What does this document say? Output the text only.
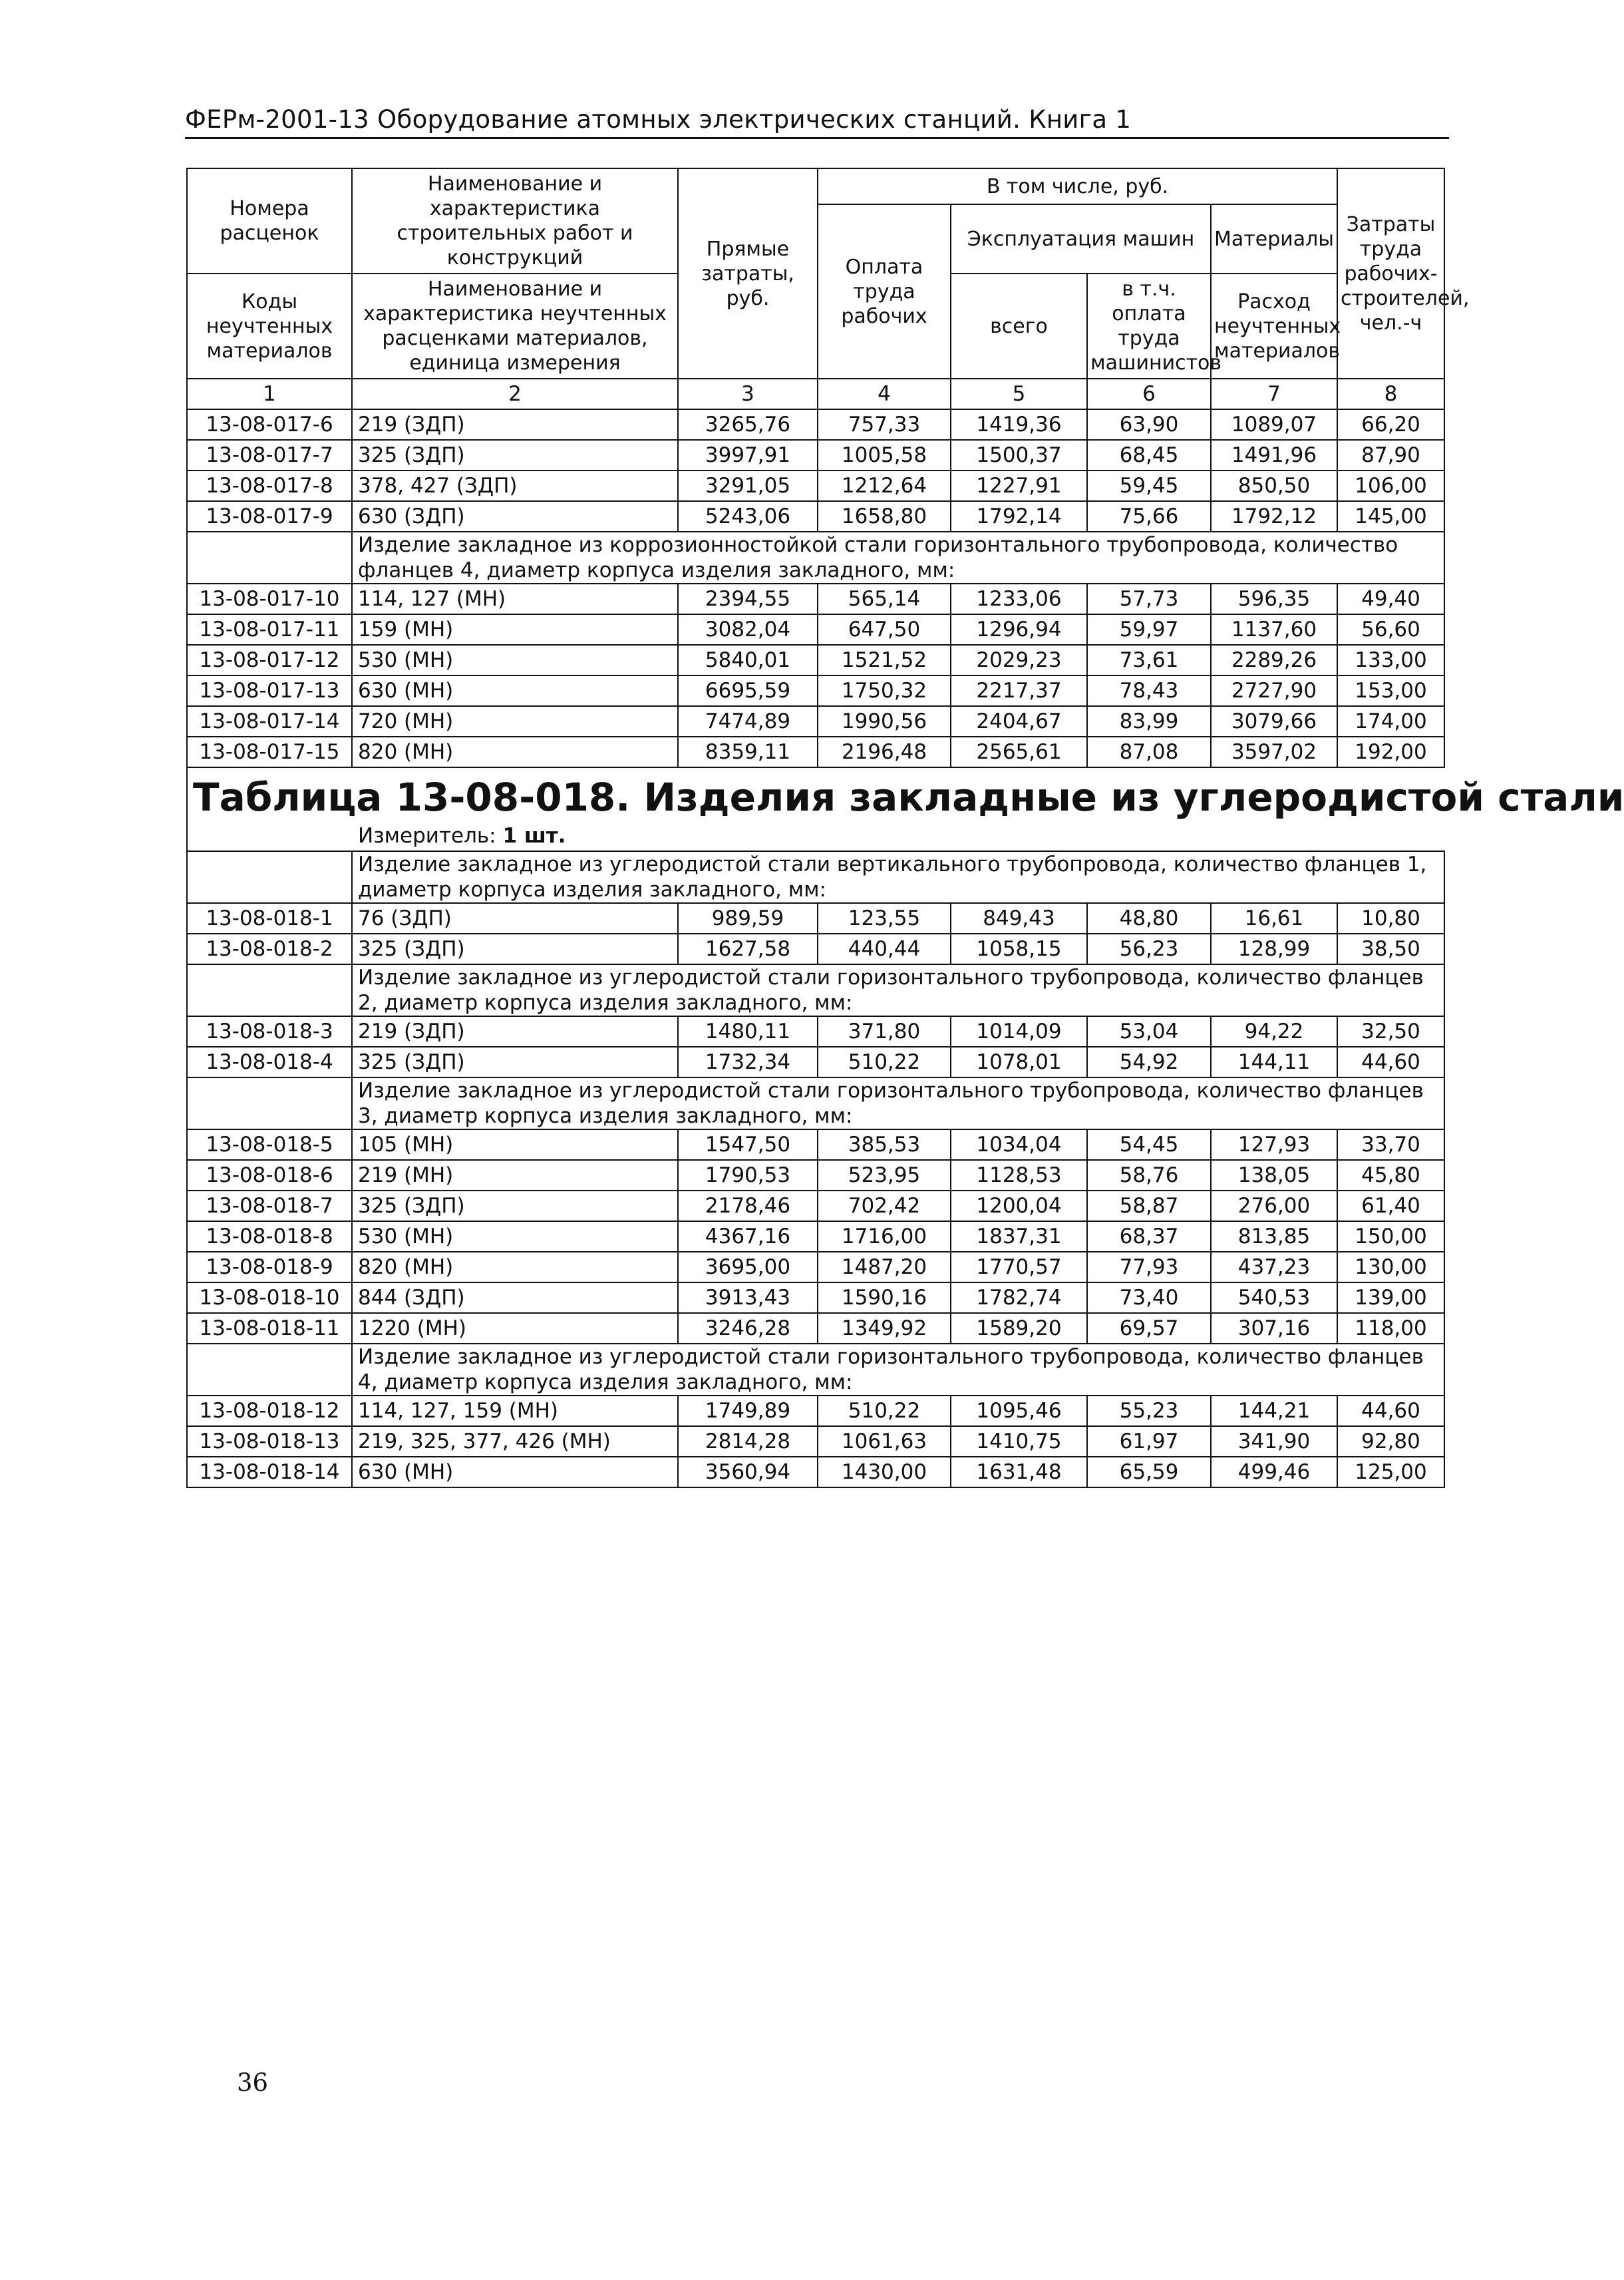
ФЕРм-2001-13 Оборудование атомных электрических станций. Книга 1
Номера расценок	Наименование и характеристика строительных работ и конструкций	Прямые затраты, руб.	В том числе, руб.				Затраты труда рабочих-строителей, чел.-ч
			Оплата труда рабочих	Эксплуатация машин		Материалы	
Коды неучтенных материалов	Наименование и характеристика неучтенных расценками материалов, единица измерения			всего	в т.ч. оплата труда машинистов	Расход неучтенных материалов	
1	2	3	4	5	6	7	8
13-08-017-6	219 (ЗДП)	3265,76	757,33	1419,36	63,90	1089,07	66,20
13-08-017-7	325 (ЗДП)	3997,91	1005,58	1500,37	68,45	1491,96	87,90
13-08-017-8	378, 427 (ЗДП)	3291,05	1212,64	1227,91	59,45	850,50	106,00
13-08-017-9	630 (ЗДП)	5243,06	1658,80	1792,14	75,66	1792,12	145,00
	Изделие закладное из коррозионностойкой стали горизонтального трубопровода, количество фланцев 4, диаметр корпуса изделия закладного, мм:						
13-08-017-10	114, 127 (МН)	2394,55	565,14	1233,06	57,73	596,35	49,40
13-08-017-11	159 (МН)	3082,04	647,50	1296,94	59,97	1137,60	56,60
13-08-017-12	530 (МН)	5840,01	1521,52	2029,23	73,61	2289,26	133,00
13-08-017-13	630 (МН)	6695,59	1750,32	2217,37	78,43	2727,90	153,00
13-08-017-14	720 (МН)	7474,89	1990,56	2404,67	83,99	3079,66	174,00
13-08-017-15	820 (МН)	8359,11	2196,48	2565,61	87,08	3597,02	192,00

Таблица 13-08-018. Изделия закладные из углеродистой стали
Измеритель: 1 шт.							

	Изделие закладное из углеродистой стали вертикального трубопровода, количество фланцев 1, диаметр корпуса изделия закладного, мм:						
13-08-018-1	76 (ЗДП)	989,59	123,55	849,43	48,80	16,61	10,80
13-08-018-2	325 (ЗДП)	1627,58	440,44	1058,15	56,23	128,99	38,50
	Изделие закладное из углеродистой стали горизонтального трубопровода, количество фланцев 2, диаметр корпуса изделия закладного, мм:						
13-08-018-3	219 (ЗДП)	1480,11	371,80	1014,09	53,04	94,22	32,50
13-08-018-4	325 (ЗДП)	1732,34	510,22	1078,01	54,92	144,11	44,60
	Изделие закладное из углеродистой стали горизонтального трубопровода, количество фланцев 3, диаметр корпуса изделия закладного, мм:						
13-08-018-5	105 (МН)	1547,50	385,53	1034,04	54,45	127,93	33,70
13-08-018-6	219 (МН)	1790,53	523,95	1128,53	58,76	138,05	45,80
13-08-018-7	325 (ЗДП)	2178,46	702,42	1200,04	58,87	276,00	61,40
13-08-018-8	530 (МН)	4367,16	1716,00	1837,31	68,37	813,85	150,00
13-08-018-9	820 (МН)	3695,00	1487,20	1770,57	77,93	437,23	130,00
13-08-018-10	844 (ЗДП)	3913,43	1590,16	1782,74	73,40	540,53	139,00
13-08-018-11	1220 (МН)	3246,28	1349,92	1589,20	69,57	307,16	118,00
	Изделие закладное из углеродистой стали горизонтального трубопровода, количество фланцев 4, диаметр корпуса изделия закладного, мм:						
13-08-018-12	114, 127, 159 (МН)	1749,89	510,22	1095,46	55,23	144,21	44,60
13-08-018-13	219, 325, 377, 426 (МН)	2814,28	1061,63	1410,75	61,97	341,90	92,80
13-08-018-14	630 (МН)	3560,94	1430,00	1631,48	65,59	499,46	125,00
36
